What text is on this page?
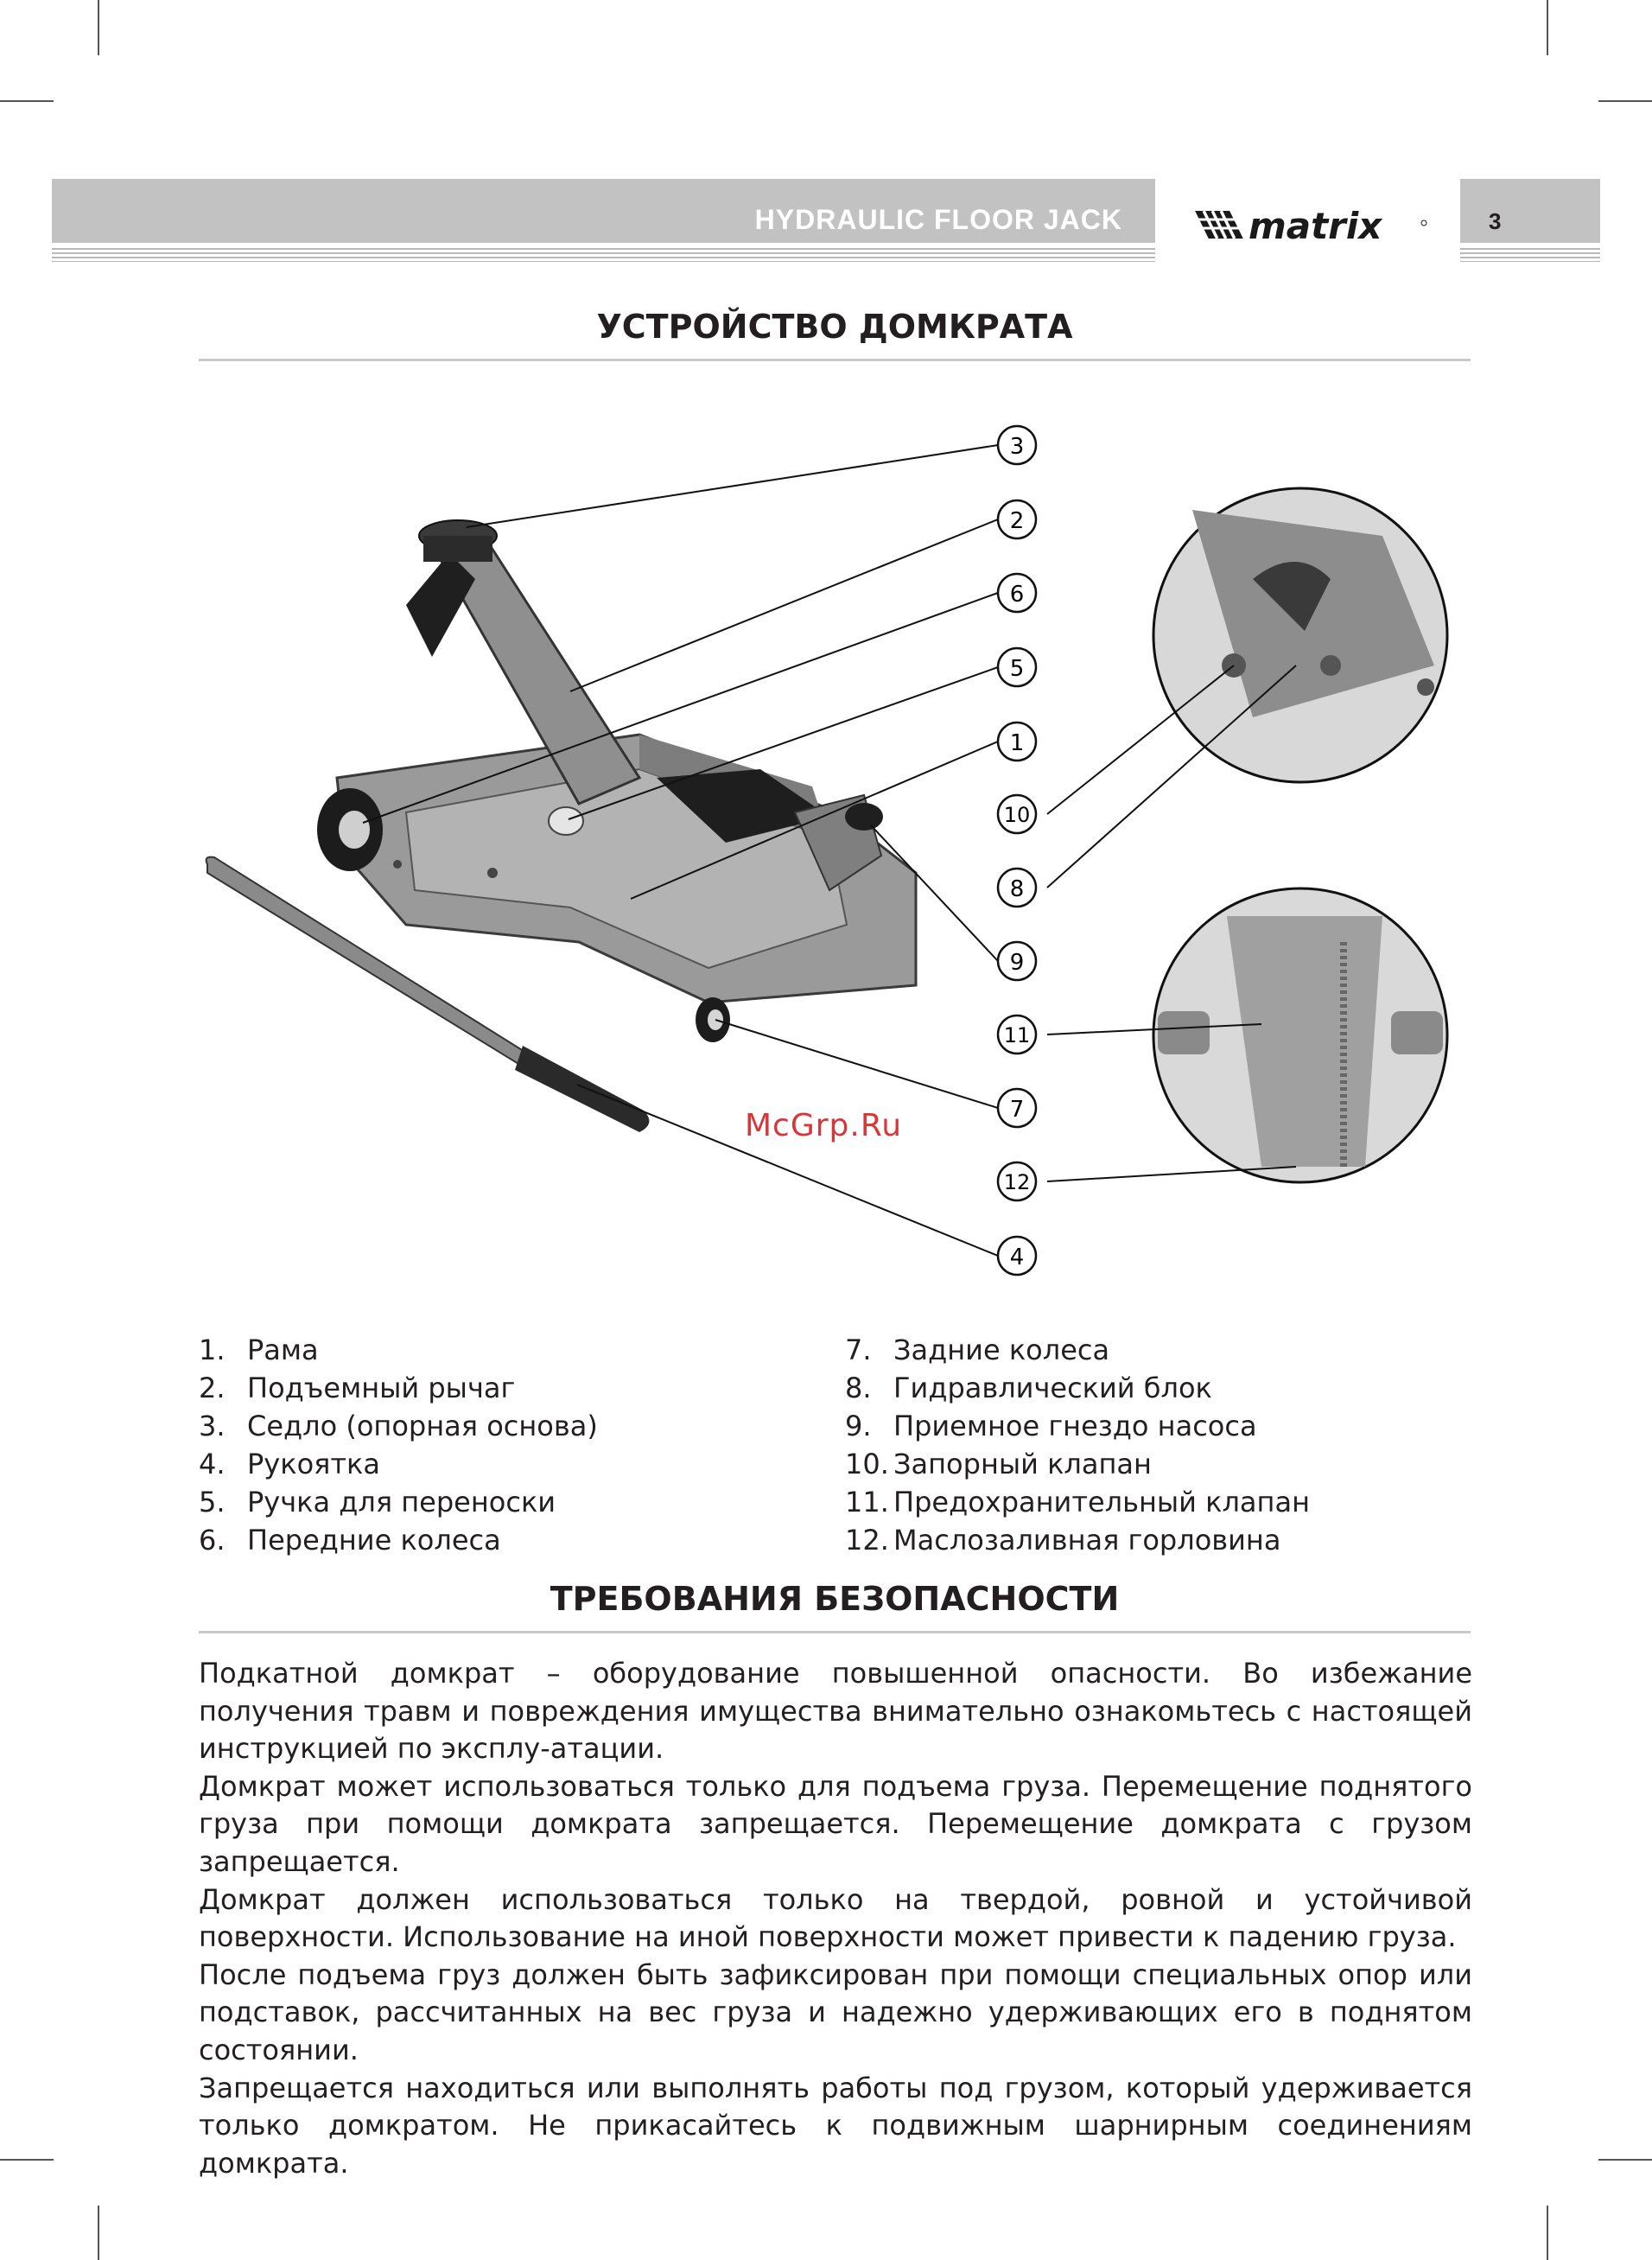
HYDRAULIC FLOOR JACK	matrix	3
УСТРОЙСТВО ДОМКРАТА
3
2
6
5
1
10
8
9
11
7
12
4
McGrp.Ru
1. Рама
2. Подъемный рычаг
3. Седло (опорная основа)
4. Рукоятка
5. Ручка для переноски
6. Передние колеса
7. Задние колеса
8. Гидравлический блок
9. Приемное гнездо насоса
10. Запорный клапан
11. Предохранительный клапан
12. Маслозаливная горловина
ТРЕБОВАНИЯ БЕЗОПАСНОСТИ

Подкатной домкрат – оборудование повышенной опасности. Во избежание получения травм и повреждения имущества внимательно ознакомьтесь с настоящей инструкцией по эксплу-атации.

Домкрат может использоваться только для подъема груза. Перемещение поднятого груза при помощи домкрата запрещается. Перемещение домкрата с грузом запрещается.

Домкрат должен использоваться только на твердой, ровной и устойчивой поверхности. Использование на иной поверхности может привести к падению груза.

После подъема груз должен быть зафиксирован при помощи специальных опор или подставок, рассчитанных на вес груза и надежно удерживающих его в поднятом состоянии.

Запрещается находиться или выполнять работы под грузом, который удерживается только домкратом. Не прикасайтесь к подвижным шарнирным соединениям домкрата.
